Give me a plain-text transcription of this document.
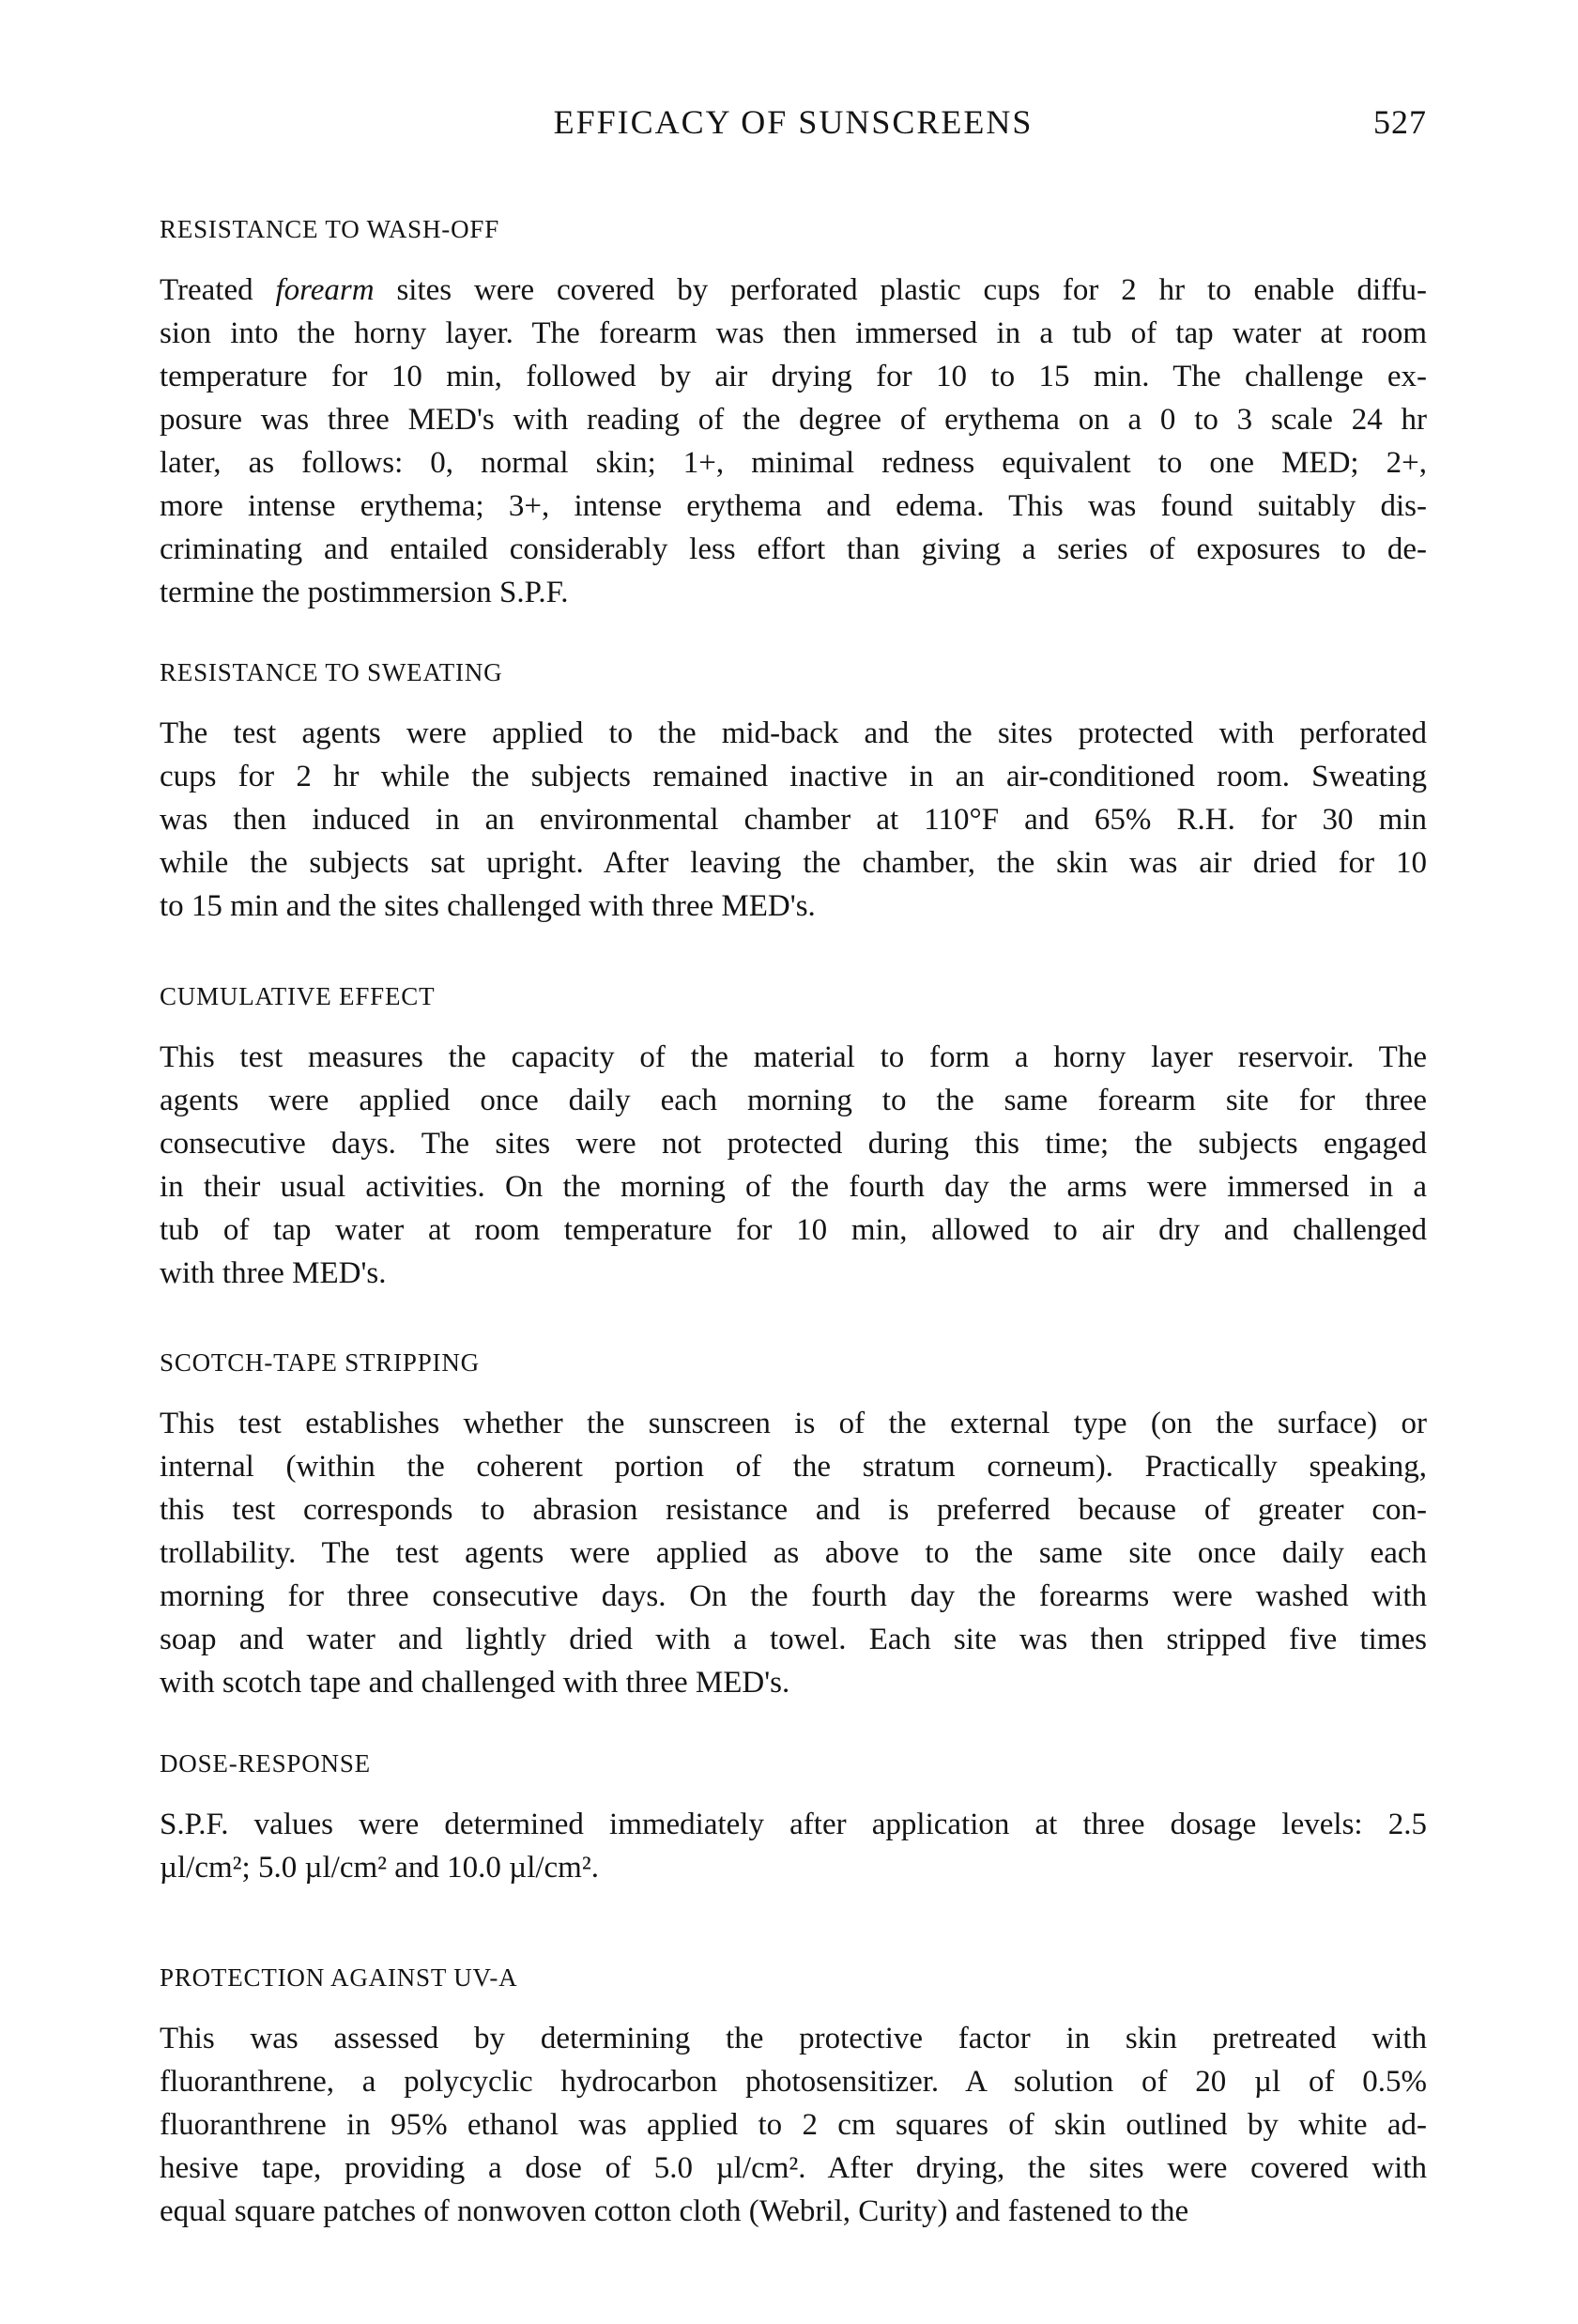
EFFICACY OF SUNSCREENS	527
RESISTANCE TO WASH-OFF
Treated forearm sites were covered by perforated plastic cups for 2 hr to enable diffu-
sion into the horny layer. The forearm was then immersed in a tub of tap water at room
temperature for 10 min, followed by air drying for 10 to 15 min. The challenge ex-
posure was three MED's with reading of the degree of erythema on a 0 to 3 scale 24 hr
later, as follows: 0, normal skin; 1+, minimal redness equivalent to one MED; 2+,
more intense erythema; 3+, intense erythema and edema. This was found suitably dis-
criminating and entailed considerably less effort than giving a series of exposures to de-
termine the postimmersion S.P.F.
RESISTANCE TO SWEATING
The test agents were applied to the mid-back and the sites protected with perforated
cups for 2 hr while the subjects remained inactive in an air-conditioned room. Sweating
was then induced in an environmental chamber at 110°F and 65% R.H. for 30 min
while the subjects sat upright. After leaving the chamber, the skin was air dried for 10
to 15 min and the sites challenged with three MED's.
CUMULATIVE EFFECT
This test measures the capacity of the material to form a horny layer reservoir. The
agents were applied once daily each morning to the same forearm site for three
consecutive days. The sites were not protected during this time; the subjects engaged
in their usual activities. On the morning of the fourth day the arms were immersed in a
tub of tap water at room temperature for 10 min, allowed to air dry and challenged
with three MED's.
SCOTCH-TAPE STRIPPING
This test establishes whether the sunscreen is of the external type (on the surface) or
internal (within the coherent portion of the stratum corneum). Practically speaking,
this test corresponds to abrasion resistance and is preferred because of greater con-
trollability. The test agents were applied as above to the same site once daily each
morning for three consecutive days. On the fourth day the forearms were washed with
soap and water and lightly dried with a towel. Each site was then stripped five times
with scotch tape and challenged with three MED's.
DOSE-RESPONSE
S.P.F. values were determined immediately after application at three dosage levels: 2.5
µl/cm²; 5.0 µl/cm² and 10.0 µl/cm².
PROTECTION AGAINST UV-A
This was assessed by determining the protective factor in skin pretreated with
fluoranthrene, a polycyclic hydrocarbon photosensitizer. A solution of 20 µl of 0.5%
fluoranthrene in 95% ethanol was applied to 2 cm squares of skin outlined by white ad-
hesive tape, providing a dose of 5.0 µl/cm². After drying, the sites were covered with
equal square patches of nonwoven cotton cloth (Webril, Curity) and fastened to the
